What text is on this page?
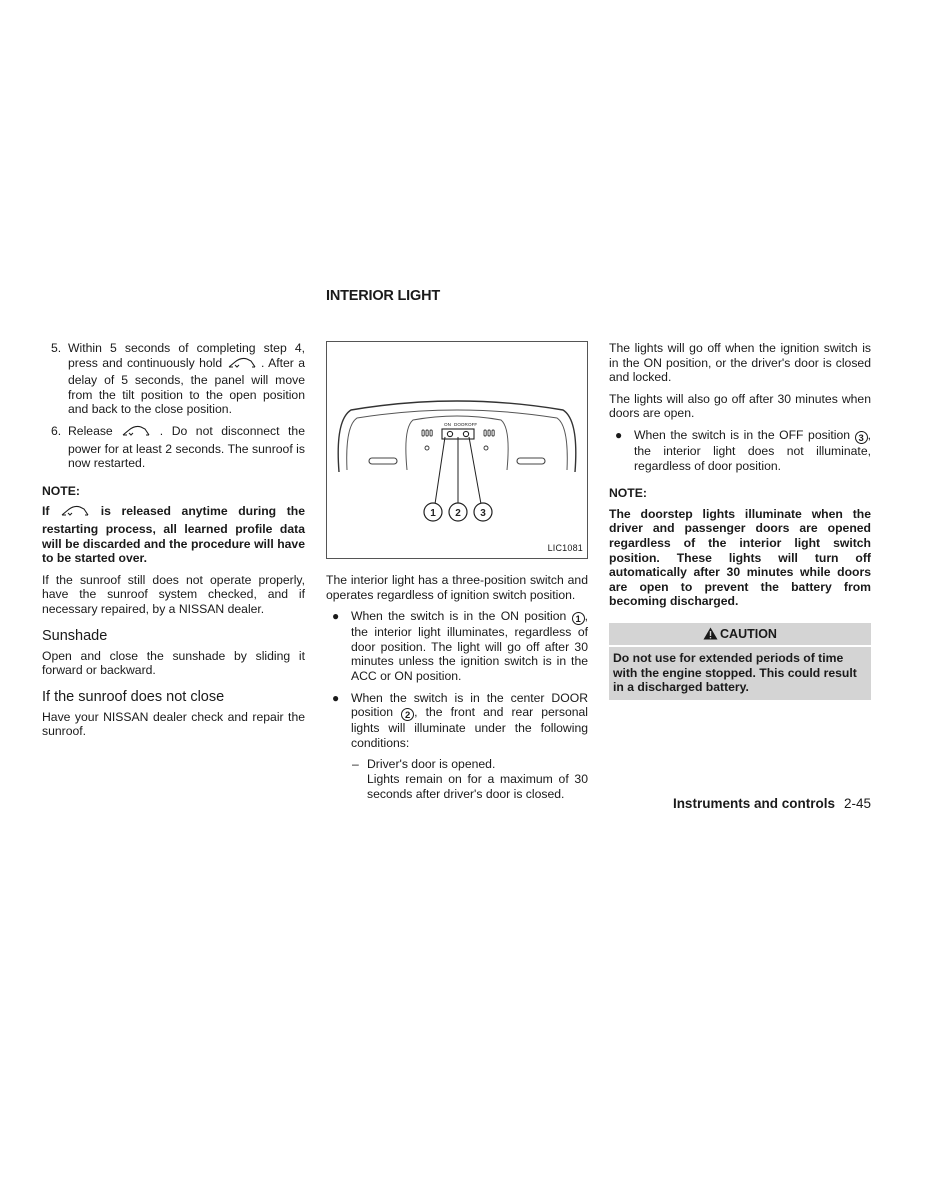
INTERIOR LIGHT
5. Within 5 seconds of completing step 4, press and continuously hold	. After a delay of 5 seconds, the panel will move from the tilt position to the open position and back to the close position.
6. Release	. Do not disconnect the power for at least 2 seconds. The sunroof is now restarted.
NOTE:

If	is released anytime during the restarting process, all learned profile data will be discarded and the procedure will have to be started over.

If the sunroof still does not operate properly, have the sunroof system checked, and if necessary repaired, by a NISSAN dealer.

Sunshade

Open and close the sunshade by sliding it forward or backward.

If the sunroof does not close

Have your NISSAN dealer check and repair the sunroof.

ON DOOR OFF
1 2 3
LIC1081

The interior light has a three-position switch and operates regardless of ignition switch position.

● When the switch is in the ON position 1 , the interior light illuminates, regardless of door position. The light will go off after 30 minutes unless the ignition switch is in the ACC or ON position.
● When the switch is in the center DOOR position 2 , the front and rear personal lights will illuminate under the following conditions:
– Driver's door is opened.
Lights remain on for a maximum of 30 seconds after driver's door is closed.

The lights will go off when the ignition switch is in the ON position, or the driver's door is closed and locked.

The lights will also go off after 30 minutes when doors are open.

● When the switch is in the OFF position 3 , the interior light does not illuminate, regardless of door position.
NOTE:

The doorstep lights illuminate when the driver and passenger doors are opened regardless of the interior light switch position. These lights will turn off automatically after 30 minutes while doors are open to prevent the battery from becoming discharged.

CAUTION
Do not use for extended periods of time with the engine stopped. This could result in a discharged battery.
Instruments and controls 2-45
